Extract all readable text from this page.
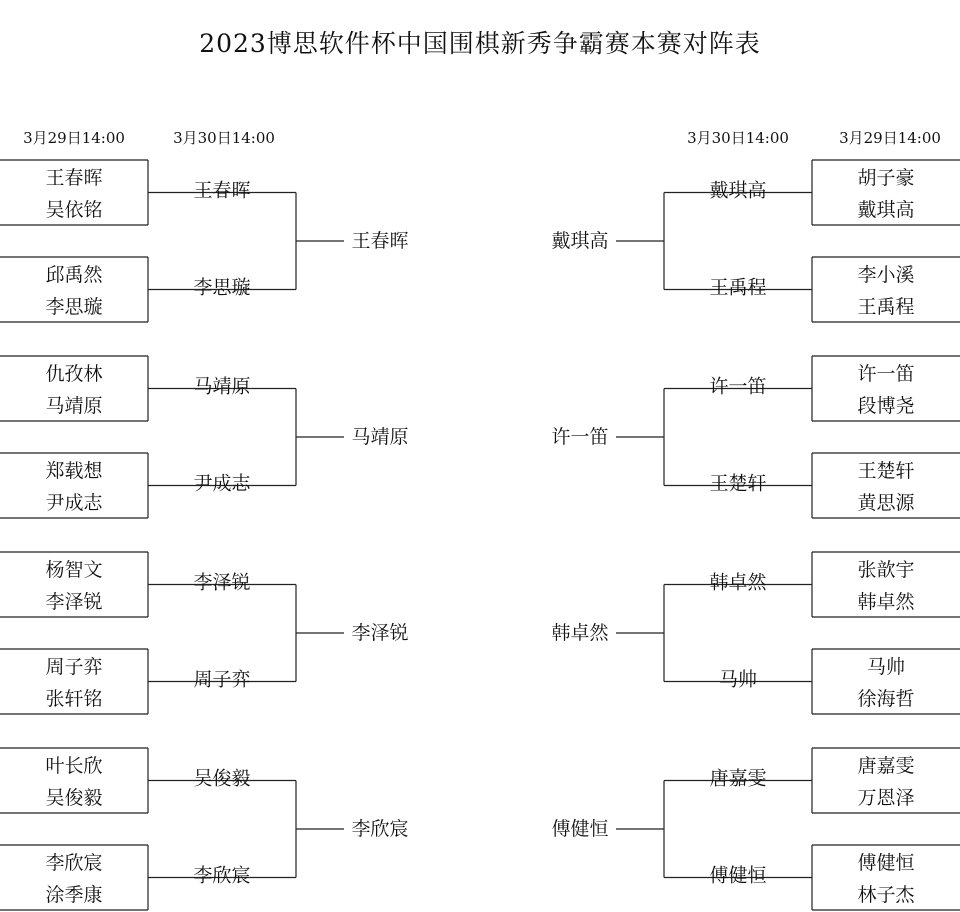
2023博思软件杯中国围棋新秀争霸赛本赛对阵表
3月29日14:00	3月30日14:00	3月30日14:00	3月29日14:00
王春晖
吴依铭
王春晖
邱禹然
李思璇
李思璇
王春晖
仇孜林
马靖原
马靖原
郑载想
尹成志
尹成志
马靖原
杨智文
李泽锐
李泽锐
周子弈
张轩铭
周子弈
李泽锐
叶长欣
吴俊毅
吴俊毅
李欣宸
涂季康
李欣宸
李欣宸
胡子豪
戴琪高
戴琪高
李小溪
王禹程
王禹程
戴琪高
许一笛
段博尧
许一笛
王楚轩
黄思源
王楚轩
许一笛
张歆宇
韩卓然
韩卓然
马帅
徐海哲
马帅
韩卓然
唐嘉雯
万恩泽
唐嘉雯
傅健恒
林子杰
傅健恒
傅健恒
